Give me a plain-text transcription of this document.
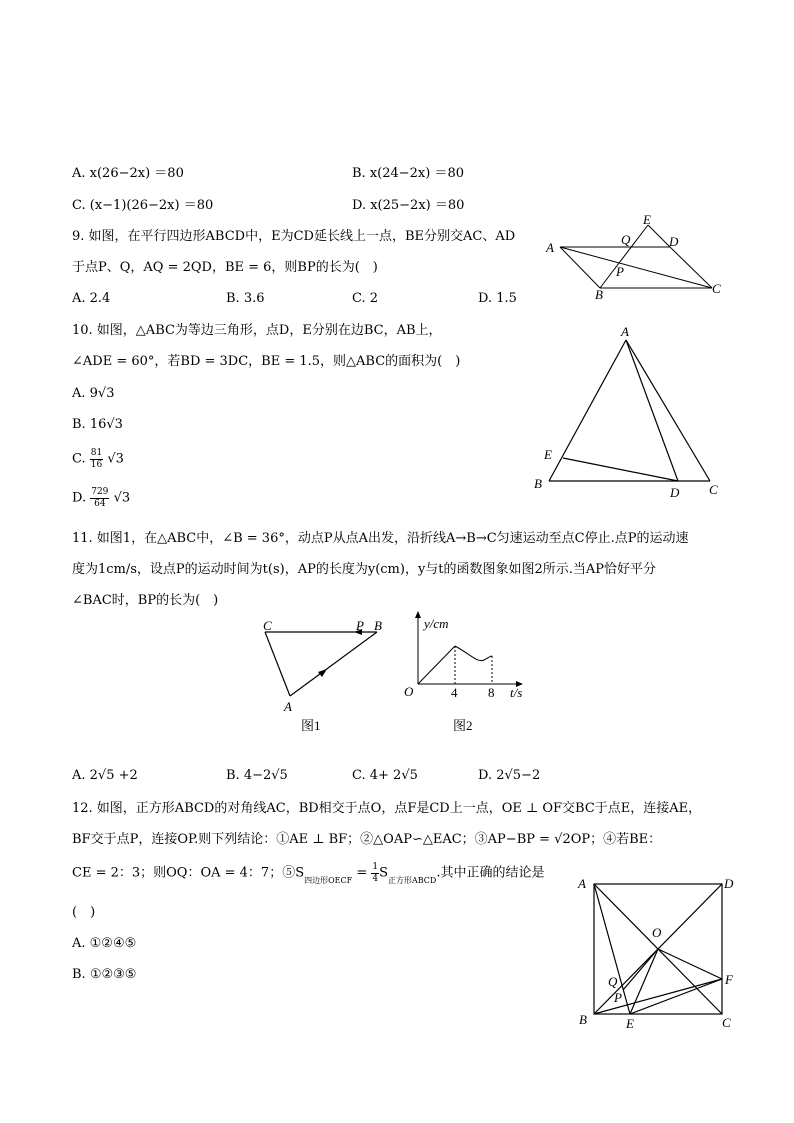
A. x(26−2x) ＝80	B. x(24−2x) ＝80
C. (x−1)(26−2x) ＝80	D. x(25−2x) ＝80
9. 如图，在平行四边形ABCD中，E为CD延长线上一点，BE分别交AC、AD
于点P、Q，AQ = 2QD，BE = 6，则BP的长为(　)
A. 2.4	B. 3.6	C. 2	D. 1.5
E
Q	D
A
P
B	C
10. 如图，△ABC为等边三角形，点D，E分别在边BC，AB上，
∠ADE = 60°，若BD = 3DC，BE = 1.5，则△ABC的面积为(　)
A. 9√3
B. 16√3
C. $\frac{81}{16} √3$
D. $\frac{729}{64} √3$
A
E
B
D C
11. 如图1，在△ABC中，∠B = 36°，动点P从点A出发，沿折线A→B→C匀速运动至点C停止.点P的运动速
度为1cm/s，设点P的运动时间为t(s)，AP的长度为y(cm)，y与t的函数图象如图2所示.当AP恰好平分
∠BAC时，BP的长为(　)
C	P B
A
图1
y/cm
O	4 8 t/s
图2
A. 2√5 +2	B. 4−2√5	C. 4+ 2√5	D. 2√5−2
12. 如图，正方形ABCD的对角线AC，BD相交于点O，点F是CD上一点，OE ⊥ OF交BC于点E，连接AE，
BF交于点P，连接OP.则下列结论：①AE ⊥ BF；②△OAP∽△EAC；③AP−BP = √2OP；④若BE：
CE = 2：3；则OQ：OA = 4：7；$⑤S_{四边形OECF} = \frac{1}{4} S_{正方形ABCD}$.其中正确的结论是
(　)
A. ①②④⑤
B. ①②③⑤
A	D
O
Q	F
P
B	E	C
